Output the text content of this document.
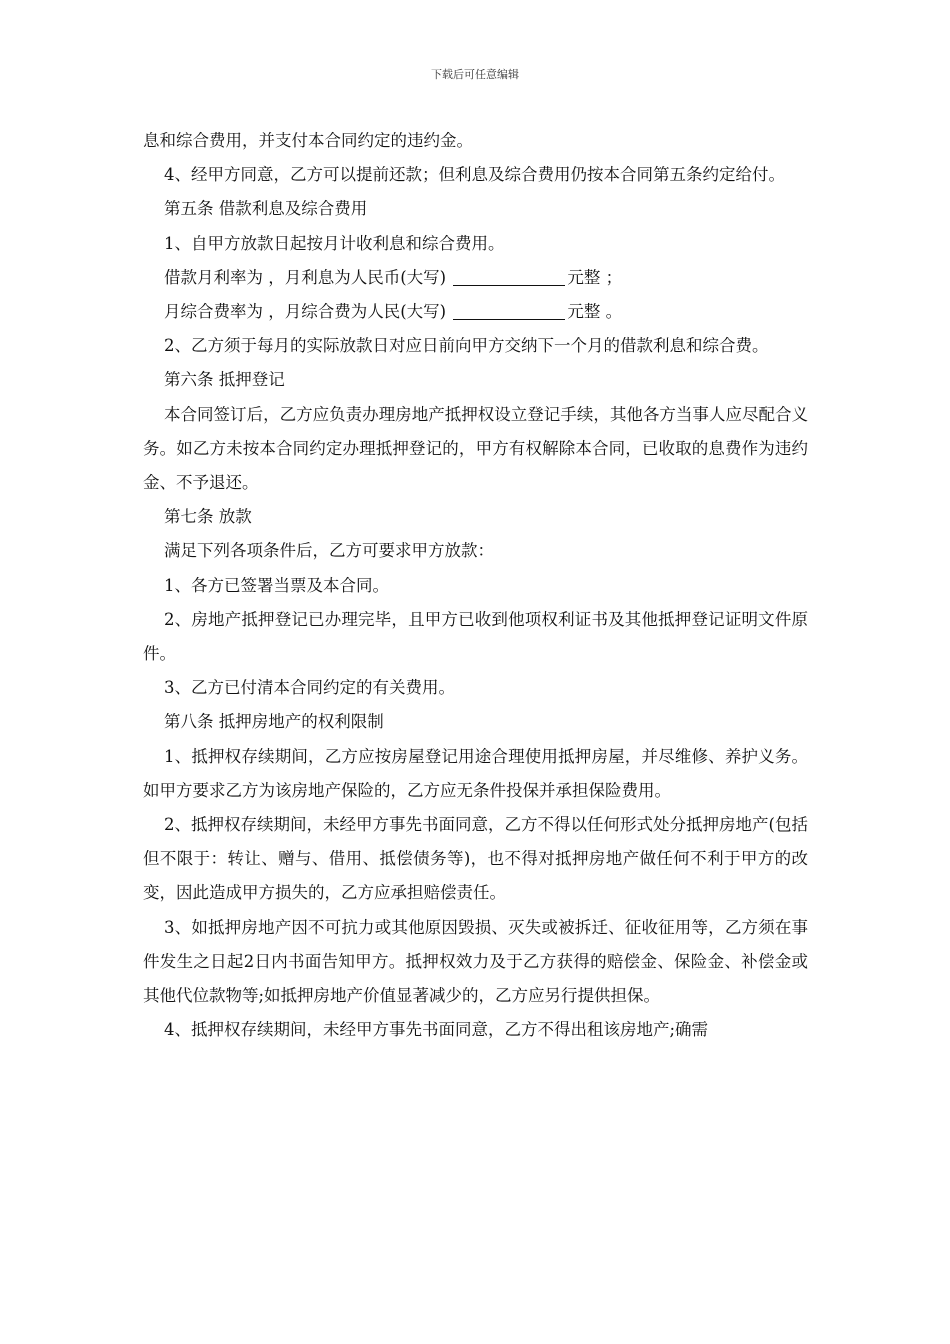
下载后可任意编辑

息和综合费用，并支付本合同约定的违约金。

4、经甲方同意，乙方可以提前还款；但利息及综合费用仍按本合同第五条约定给付。

第五条 借款利息及综合费用

1、自甲方放款日起按月计收利息和综合费用。

借款月利率为 ，月利息为人民币(大写)	元整 ；

月综合费率为 ，月综合费为人民(大写)	元整 。

2、乙方须于每月的实际放款日对应日前向甲方交纳下一个月的借款利息和综合费。

第六条 抵押登记

本合同签订后，乙方应负责办理房地产抵押权设立登记手续，其他各方当事人应尽配合义务。如乙方未按本合同约定办理抵押登记的，甲方有权解除本合同，已收取的息费作为违约金、不予退还。

第七条 放款

满足下列各项条件后，乙方可要求甲方放款：

1、各方已签署当票及本合同。

2、房地产抵押登记已办理完毕，且甲方已收到他项权利证书及其他抵押登记证明文件原件。

3、乙方已付清本合同约定的有关费用。

第八条 抵押房地产的权利限制

1、抵押权存续期间，乙方应按房屋登记用途合理使用抵押房屋，并尽维修、养护义务。如甲方要求乙方为该房地产保险的，乙方应无条件投保并承担保险费用。

2、抵押权存续期间，未经甲方事先书面同意，乙方不得以任何形式处分抵押房地产(包括但不限于：转让、赠与、借用、抵偿债务等)，也不得对抵押房地产做任何不利于甲方的改变，因此造成甲方损失的，乙方应承担赔偿责任。

3、如抵押房地产因不可抗力或其他原因毁损、灭失或被拆迁、征收征用等，乙方须在事件发生之日起2日内书面告知甲方。抵押权效力及于乙方获得的赔偿金、保险金、补偿金或其他代位款物等;如抵押房地产价值显著减少的，乙方应另行提供担保。

4、抵押权存续期间，未经甲方事先书面同意，乙方不得出租该房地产;确需
